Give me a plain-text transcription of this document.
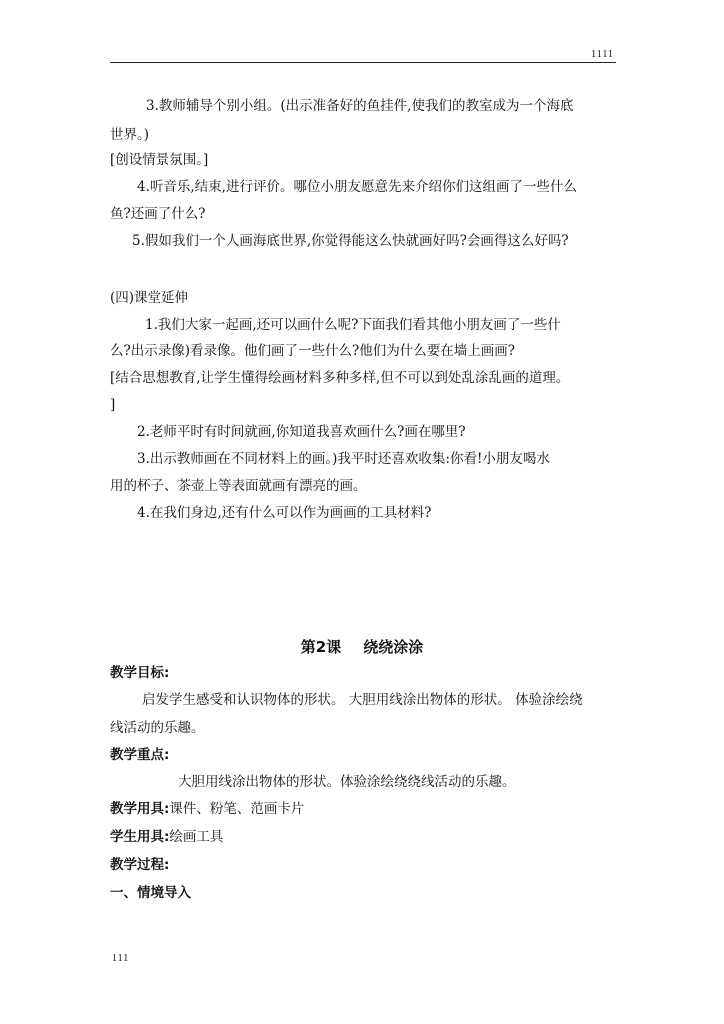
1111
3.教师辅导个别小组。(出示准备好的鱼挂件,使我们的教室成为一个海底
世界。)
[创设情景氛围。]
4.听音乐,结束,进行评价。哪位小朋友愿意先来介绍你们这组画了一些什么
鱼?还画了什么?
5.假如我们一个人画海底世界,你觉得能这么快就画好吗?会画得这么好吗?
(四)课堂延伸
1.我们大家一起画,还可以画什么呢?下面我们看其他小朋友画了一些什
么?出示录像)看录像。他们画了一些什么?他们为什么要在墙上画画?
[结合思想教育,让学生懂得绘画材料多种多样,但不可以到处乱涂乱画的道理。
]
2.老师平时有时间就画,你知道我喜欢画什么?画在哪里?
3.出示教师画在不同材料上的画。)我平时还喜欢收集:你看!小朋友喝水
用的杯子、茶壶上等表面就画有漂亮的画。
4.在我们身边,还有什么可以作为画画的工具材料?
第2课 绕绕涂涂
教学目标:
启发学生感受和认识物体的形状。 大胆用线涂出物体的形状。 体验涂绘绕
线活动的乐趣。
教学重点:
大胆用线涂出物体的形状。体验涂绘绕绕线活动的乐趣。
教学用具:课件、粉笔、范画卡片
学生用具:绘画工具
教学过程:
一、情境导入
111
